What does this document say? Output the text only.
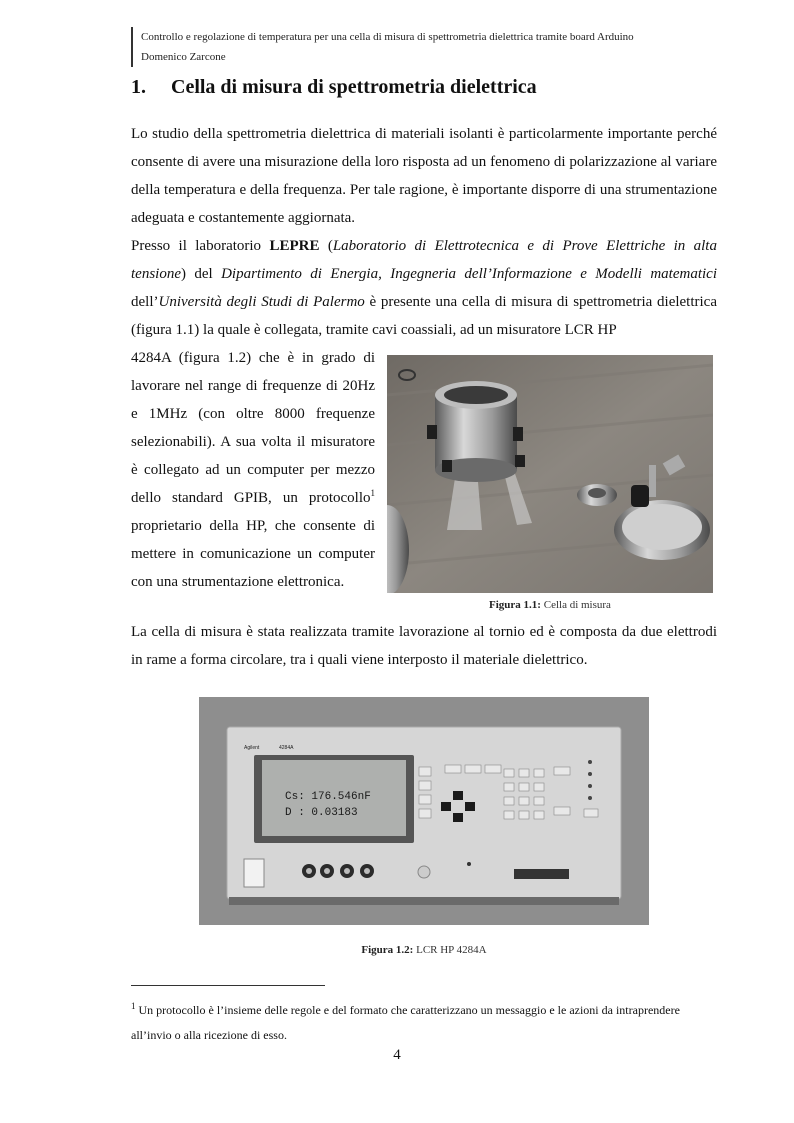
Controllo e regolazione di temperatura per una cella di misura di spettrometria dielettrica tramite board Arduino
Domenico Zarcone
1. Cella di misura di spettrometria dielettrica
Lo studio della spettrometria dielettrica di materiali isolanti è particolarmente importante perché consente di avere una misurazione della loro risposta ad un fenomeno di polarizzazione al variare della temperatura e della frequenza. Per tale ragione, è importante disporre di una strumentazione adeguata e costantemente aggiornata.
Presso il laboratorio LEPRE (Laboratorio di Elettrotecnica e di Prove Elettriche in alta tensione) del Dipartimento di Energia, Ingegneria dell’Informazione e Modelli matematici dell’Università degli Studi di Palermo è presente una cella di misura di spettrometria dielettrica (figura 1.1) la quale è collegata, tramite cavi coassiali, ad un misuratore LCR HP
4284A (figura 1.2) che è in grado di lavorare nel range di frequenze di 20Hz e 1MHz (con oltre 8000 frequenze selezionabili). A sua volta il misuratore è collegato ad un computer per mezzo dello standard GPIB, un protocollo$^1$ proprietario della HP, che consente di mettere in comunicazione un computer con una strumentazione elettronica.
Figura 1.1: Cella di misura
La cella di misura è stata realizzata tramite lavorazione al tornio ed è composta da due elettrodi in rame a forma circolare, tra i quali viene interposto il materiale dielettrico.
Agilent	4284A
Cs: 176.546nF
D : 0.03183
Figura 1.2: LCR HP 4284A
$^1$ Un protocollo è l’insieme delle regole e del formato che caratterizzano un messaggio e le azioni da intraprendere all’invio o alla ricezione di esso.
4
